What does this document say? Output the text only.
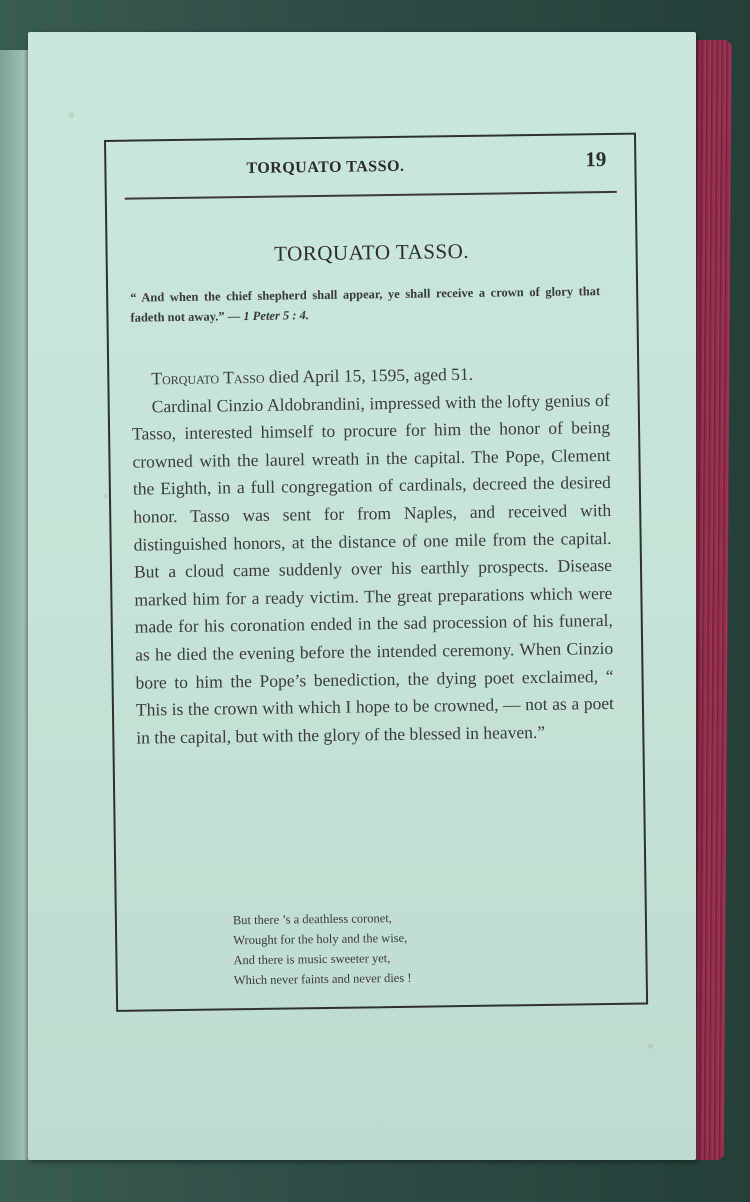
TORQUATO TASSO.	19
TORQUATO TASSO.
“ And when the chief shepherd shall appear, ye shall receive a crown of glory that fadeth not away.” — 1 Peter 5 : 4.

Torquato Tasso died April 15, 1595, aged 51.

Cardinal Cinzio Aldobrandini, impressed with the lofty genius of Tasso, interested himself to procure for him the honor of being crowned with the laurel wreath in the capital. The Pope, Clement the Eighth, in a full congregation of cardinals, decreed the desired honor. Tasso was sent for from Naples, and received with distinguished honors, at the distance of one mile from the capital. But a cloud came suddenly over his earthly prospects. Disease marked him for a ready victim. The great preparations which were made for his coronation ended in the sad procession of his funeral, as he died the evening before the intended ceremony. When Cinzio bore to him the Pope’s benediction, the dying poet exclaimed, “ This is the crown with which I hope to be crowned, — not as a poet in the capital, but with the glory of the blessed in heaven.”

But there ’s a deathless coronet,
Wrought for the holy and the wise,
And there is music sweeter yet,
Which never faints and never dies !
